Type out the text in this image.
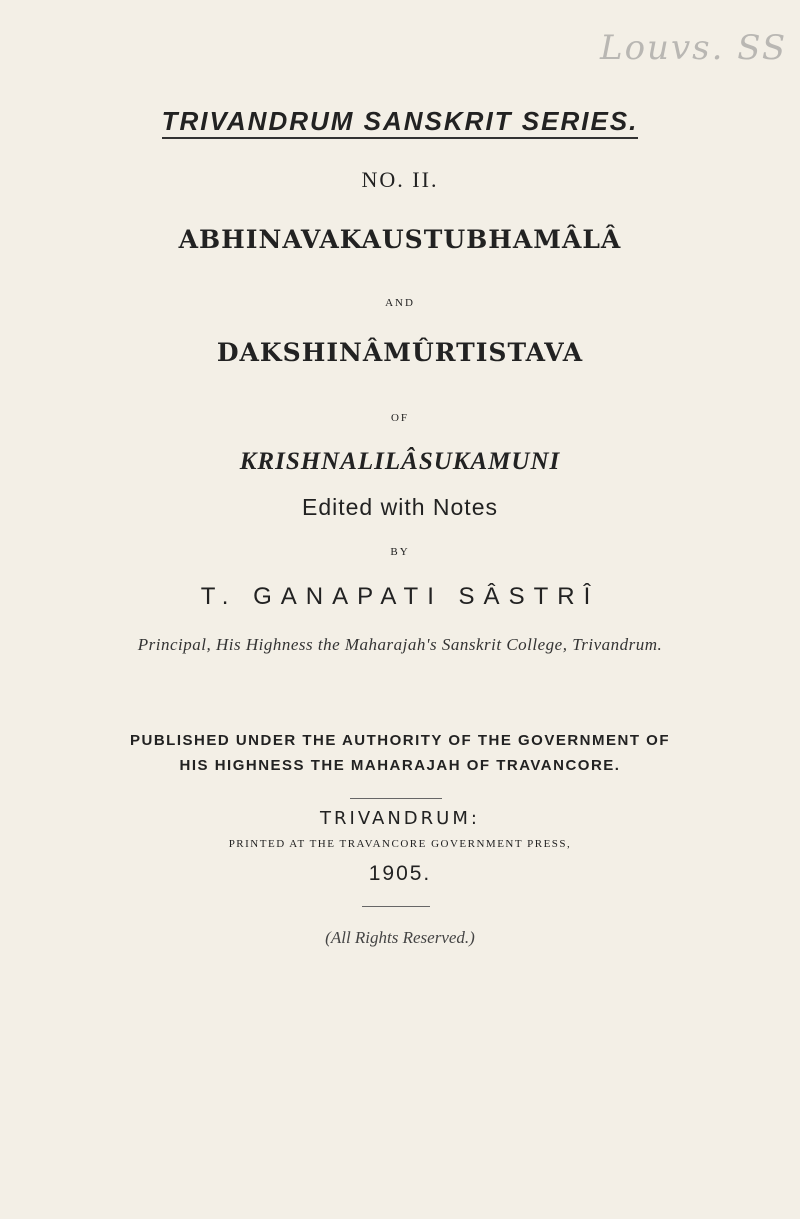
Louvs. SS
TRIVANDRUM SANSKRIT SERIES.
NO. II.
ABHINAVAKAUSTUBHAMÂLÂ
AND
DAKSHINÂMÛRTISTAVA
OF
KRISHNALILÂSUKAMUNI
Edited with Notes
BY
T. GANAPATI SÂSTRÎ
Principal, His Highness the Maharajah's Sanskrit College, Trivandrum.
PUBLISHED UNDER THE AUTHORITY OF THE GOVERNMENT OF
HIS HIGHNESS THE MAHARAJAH OF TRAVANCORE.
TRIVANDRUM:
PRINTED AT THE TRAVANCORE GOVERNMENT PRESS,
1905.
(All Rights Reserved.)
